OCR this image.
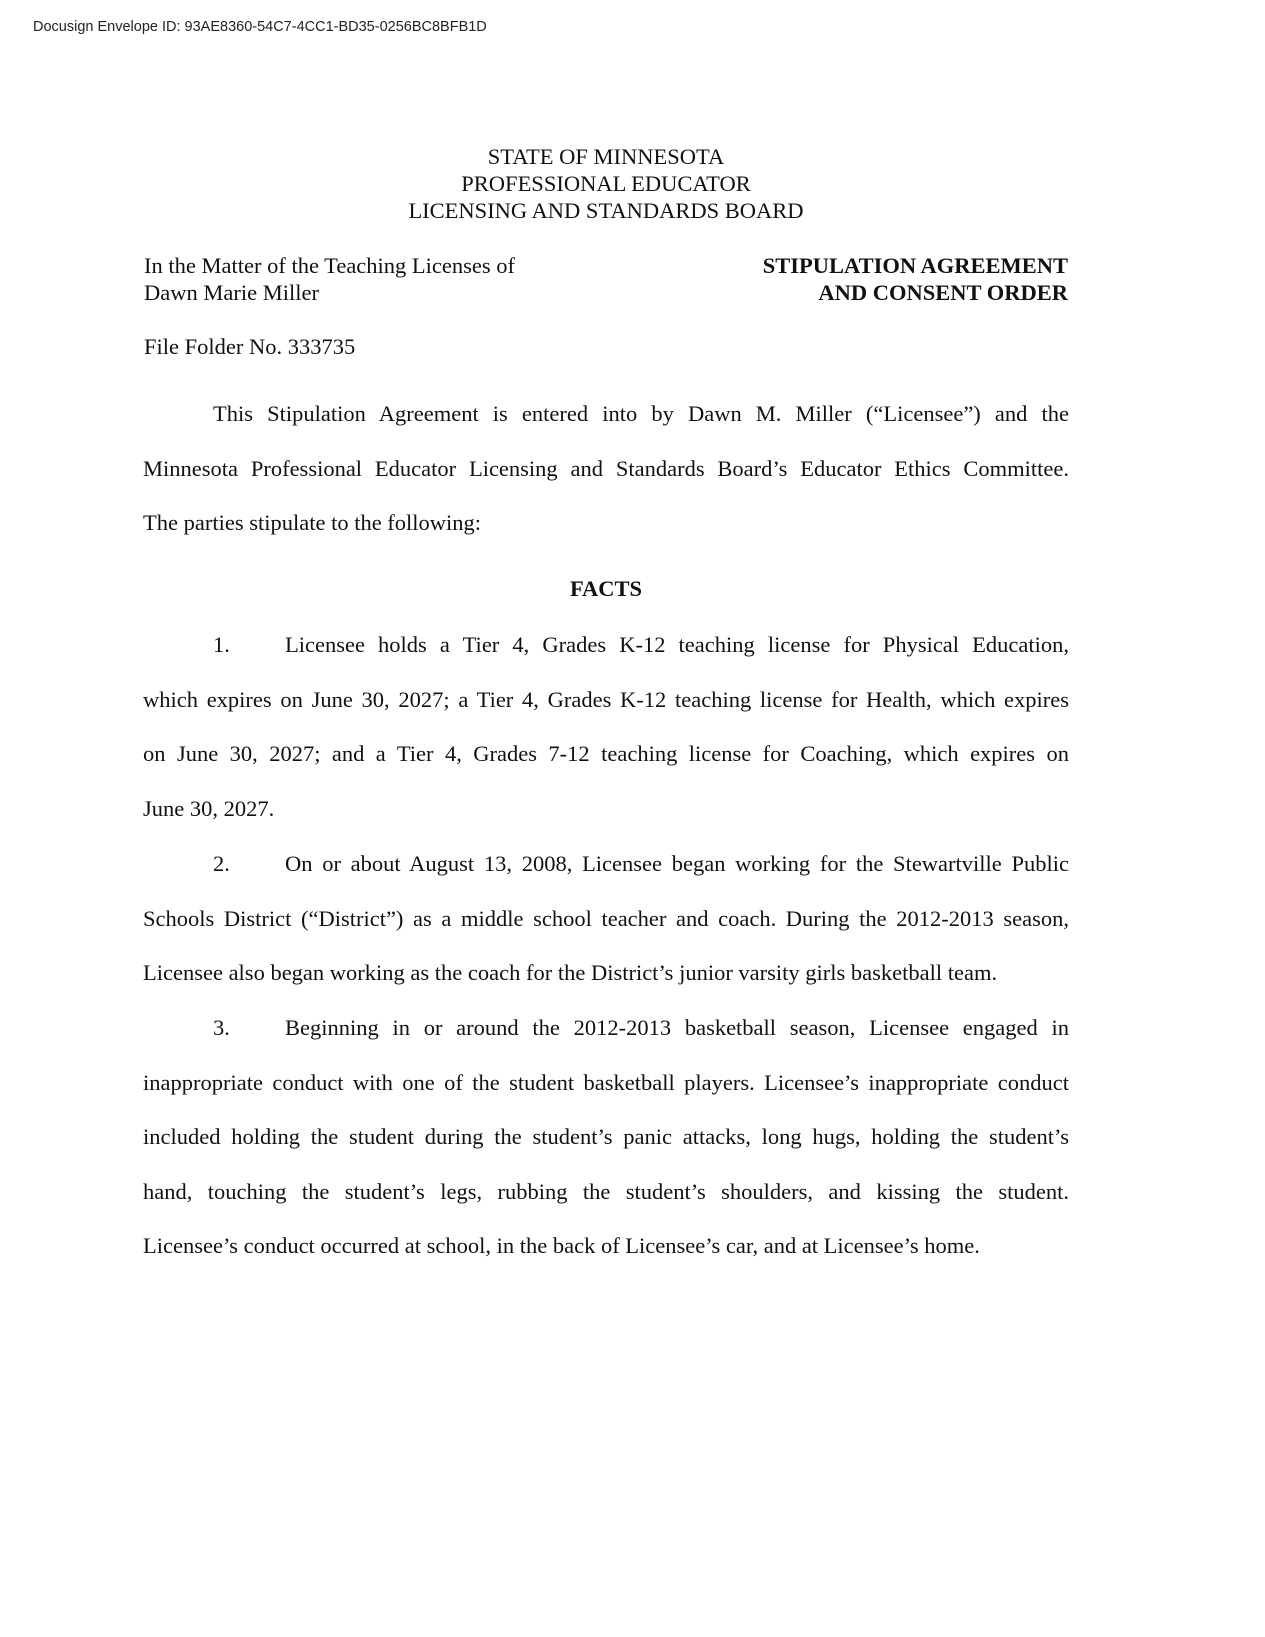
Docusign Envelope ID: 93AE8360-54C7-4CC1-BD35-0256BC8BFB1D
STATE OF MINNESOTA
PROFESSIONAL EDUCATOR
LICENSING AND STANDARDS BOARD
In the Matter of the Teaching Licenses of
Dawn Marie Miller
STIPULATION AGREEMENT
AND CONSENT ORDER
File Folder No. 333735
This Stipulation Agreement is entered into by Dawn M. Miller (“Licensee”) and the
Minnesota Professional Educator Licensing and Standards Board’s Educator Ethics Committee.
The parties stipulate to the following:
FACTS
1.	Licensee holds a Tier 4, Grades K-12 teaching license for Physical Education,
which expires on June 30, 2027; a Tier 4, Grades K-12 teaching license for Health, which expires
on June 30, 2027; and a Tier 4, Grades 7-12 teaching license for Coaching, which expires on
June 30, 2027.
2.	On or about August 13, 2008, Licensee began working for the Stewartville Public
Schools District (“District”) as a middle school teacher and coach. During the 2012-2013 season,
Licensee also began working as the coach for the District’s junior varsity girls basketball team.
3.	Beginning in or around the 2012-2013 basketball season, Licensee engaged in
inappropriate conduct with one of the student basketball players. Licensee’s inappropriate conduct
included holding the student during the student’s panic attacks, long hugs, holding the student’s
hand, touching the student’s legs, rubbing the student’s shoulders, and kissing the student.
Licensee’s conduct occurred at school, in the back of Licensee’s car, and at Licensee’s home.
